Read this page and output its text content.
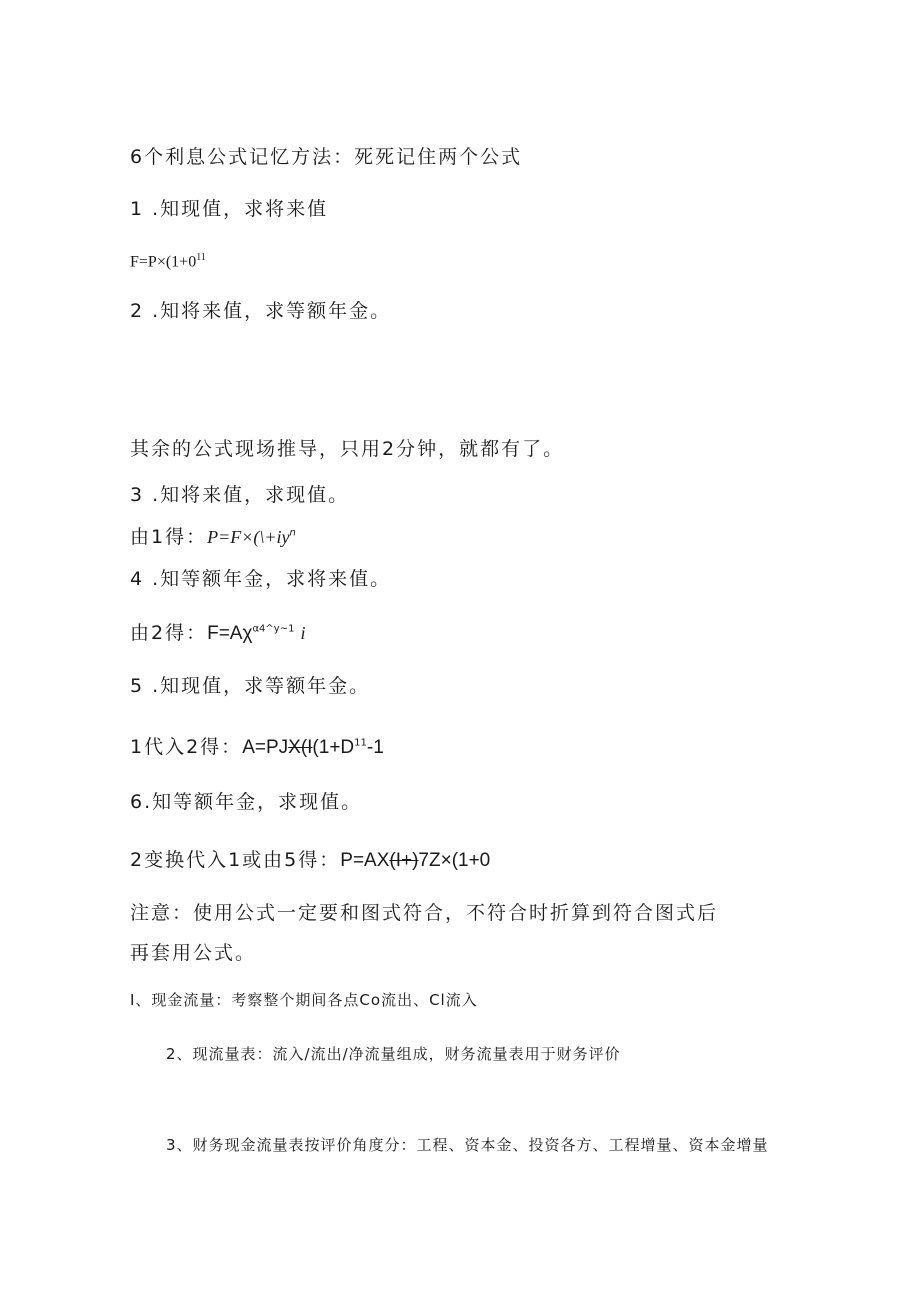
6个利息公式记忆方法：死死记住两个公式
1 .知现值，求将来值
$F=P\times(1+0^{11}$
2 .知将来值，求等额年金。
其余的公式现场推导，只用2分钟，就都有了。
3 .知将来值，求现值。
由1得：$P=F\times(\backslash+iy^n$
4 .知等额年金，求将来值。
由2得：$F=A\chi^{\alpha 4\^{}y\sim 1}$ i
5 .知现值，求等额年金。
1代入2得：$A=PJX(I(1+D^{11}-1$
6.知等额年金，求现值。
2变换代入1或由5得：P=AX(I+)7Z×(1+0
注意：使用公式一定要和图式符合，不符合时折算到符合图式后
再套用公式。
I、现金流量：考察整个期间各点Co流出、Cl流入
2、现流量表：流入/流出/净流量组成，财务流量表用于财务评价
3、财务现金流量表按评价角度分：工程、资本金、投资各方、工程增量、资本金增量
